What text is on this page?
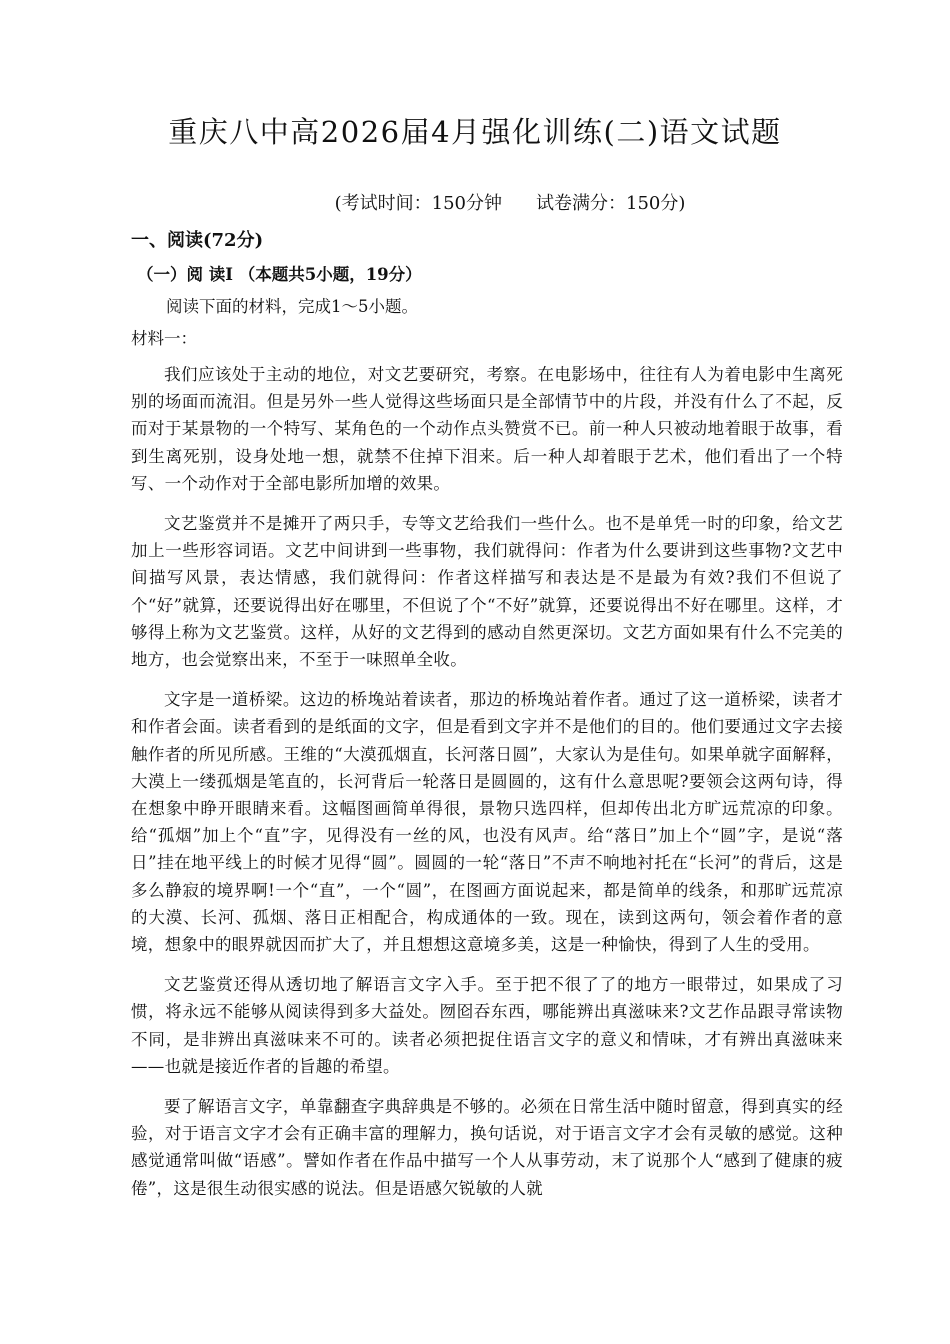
重庆八中高2026届4月强化训练(二)语文试题
(考试时间：150分钟 试卷满分：150分)
一、阅读(72分)
（一）阅 读I （本题共5小题，19分）
阅读下面的材料，完成1～5小题。
材料一：

我们应该处于主动的地位，对文艺要研究，考察。在电影场中，往往有人为着电影中生离死别的场面而流泪。但是另外一些人觉得这些场面只是全部情节中的片段，并没有什么了不起，反而对于某景物的一个特写、某角色的一个动作点头赞赏不已。前一种人只被动地着眼于故事，看到生离死别，设身处地一想，就禁不住掉下泪来。后一种人却着眼于艺术，他们看出了一个特写、一个动作对于全部电影所加增的效果。

文艺鉴赏并不是摊开了两只手，专等文艺给我们一些什么。也不是单凭一时的印象，给文艺加上一些形容词语。文艺中间讲到一些事物，我们就得问：作者为什么要讲到这些事物?文艺中间描写风景，表达情感，我们就得问：作者这样描写和表达是不是最为有效?我们不但说了个“好”就算，还要说得出好在哪里，不但说了个“不好”就算，还要说得出不好在哪里。这样，才够得上称为文艺鉴赏。这样，从好的文艺得到的感动自然更深切。文艺方面如果有什么不完美的地方，也会觉察出来，不至于一味照单全收。

文字是一道桥梁。这边的桥堍站着读者，那边的桥堍站着作者。通过了这一道桥梁，读者才和作者会面。读者看到的是纸面的文字，但是看到文字并不是他们的目的。他们要通过文字去接触作者的所见所感。王维的“大漠孤烟直，长河落日圆”，大家认为是佳句。如果单就字面解释，大漠上一缕孤烟是笔直的，长河背后一轮落日是圆圆的，这有什么意思呢?要领会这两句诗，得在想象中睁开眼睛来看。这幅图画简单得很，景物只选四样，但却传出北方旷远荒凉的印象。给“孤烟”加上个“直”字，见得没有一丝的风，也没有风声。给“落日”加上个“圆”字，是说“落日”挂在地平线上的时候才见得“圆”。圆圆的一轮“落日”不声不响地衬托在“长河”的背后，这是多么静寂的境界啊!一个“直”，一个“圆”，在图画方面说起来，都是简单的线条，和那旷远荒凉的大漠、长河、孤烟、落日正相配合，构成通体的一致。现在，读到这两句，领会着作者的意境，想象中的眼界就因而扩大了，并且想想这意境多美，这是一种愉快，得到了人生的受用。

文艺鉴赏还得从透切地了解语言文字入手。至于把不很了了的地方一眼带过，如果成了习惯，将永远不能够从阅读得到多大益处。囫囵吞东西，哪能辨出真滋味来?文艺作品跟寻常读物不同，是非辨出真滋味来不可的。读者必须把捉住语言文字的意义和情味，才有辨出真滋味来——也就是接近作者的旨趣的希望。

要了解语言文字，单靠翻查字典辞典是不够的。必须在日常生活中随时留意，得到真实的经验，对于语言文字才会有正确丰富的理解力，换句话说，对于语言文字才会有灵敏的感觉。这种感觉通常叫做“语感”。譬如作者在作品中描写一个人从事劳动，末了说那个人“感到了健康的疲倦”，这是很生动很实感的说法。但是语感欠锐敏的人就
